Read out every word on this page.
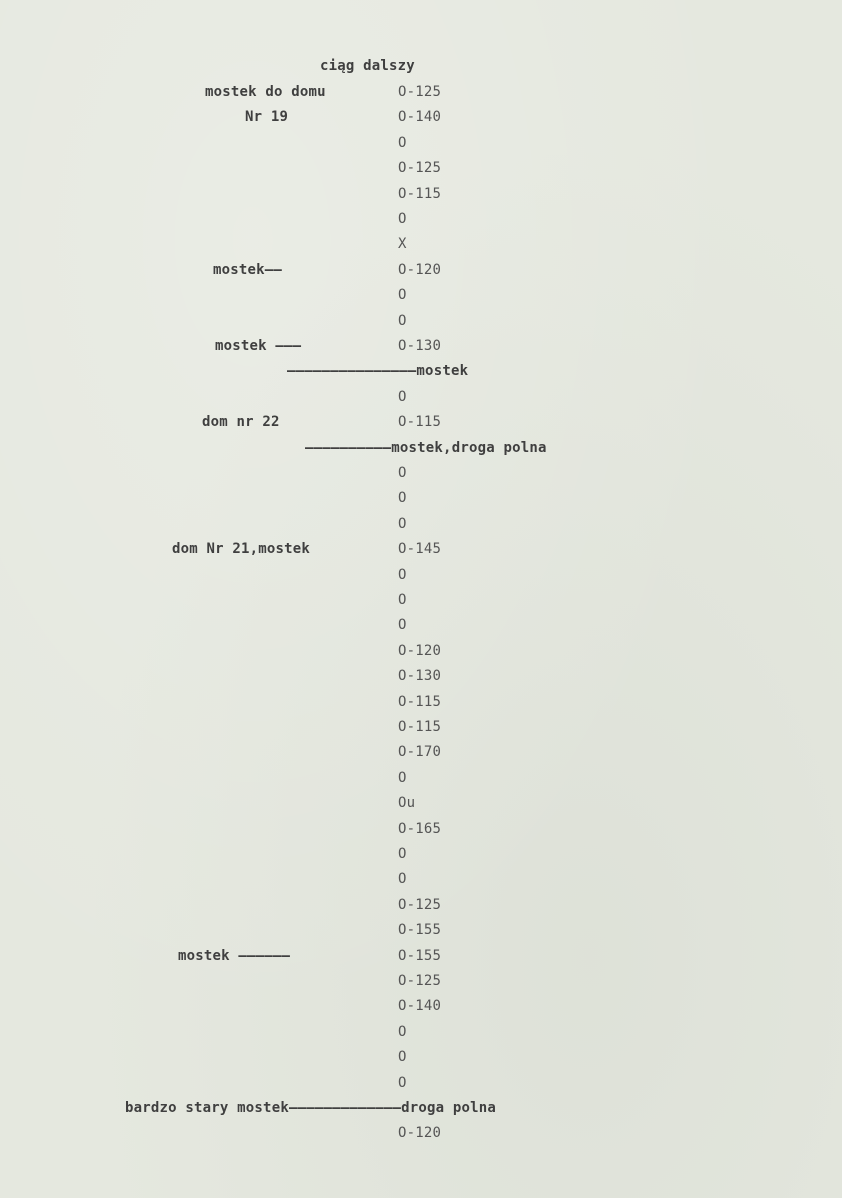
ciąg dalszy
mostek do domu	O-125
Nr 19	O-140
O
O-125
O-115
O
X
mostek——	O-120
O
O
mostek ———	O-130
———————————————mostek
O
dom nr 22	O-115
——————————mostek,droga polna
O
O
O
dom Nr 21,mostek	O-145
O
O
O
O-120
O-130
O-115
O-115
O-170
O
Ou
O-165
O
O
O-125
O-155
mostek ——————	O-155
O-125
O-140
O
O
O
bardzo stary mostek—————————————droga polna
O-120
